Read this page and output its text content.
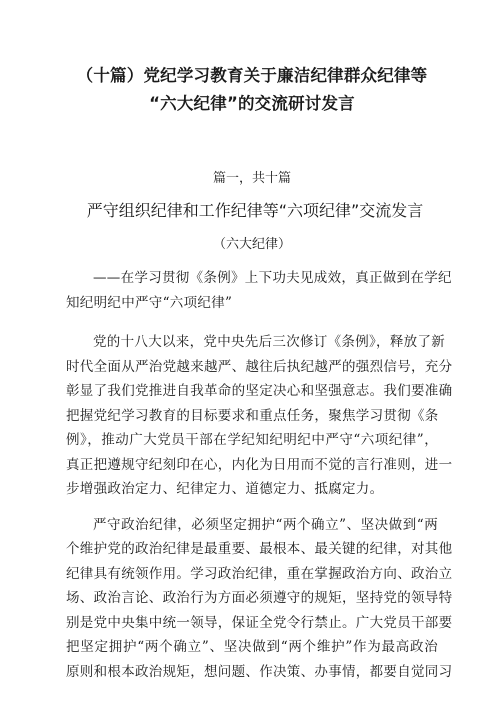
（十篇）党纪学习教育关于廉洁纪律群众纪律等
“六大纪律”的交流研讨发言
篇一，共十篇
严守组织纪律和工作纪律等“六项纪律”交流发言
（六大纪律）

——在学习贯彻《条例》上下功夫见成效，真正做到在学纪
知纪明纪中严守“六项纪律”

党的十八大以来，党中央先后三次修订《条例》，释放了新
时代全面从严治党越来越严、越往后执纪越严的强烈信号，充分
彰显了我们党推进自我革命的坚定决心和坚强意志。我们要准确
把握党纪学习教育的目标要求和重点任务，聚焦学习贯彻《条
例》，推动广大党员干部在学纪知纪明纪中严守“六项纪律”，
真正把遵规守纪刻印在心，内化为日用而不觉的言行准则，进一
步增强政治定力、纪律定力、道德定力、抵腐定力。

严守政治纪律，必须坚定拥护“两个确立”、坚决做到“两
个维护党的政治纪律是最重要、最根本、最关键的纪律，对其他
纪律具有统领作用。学习政治纪律，重在掌握政治方向、政治立
场、政治言论、政治行为方面必须遵守的规矩，坚持党的领导特
别是党中央集中统一领导，保证全党令行禁止。广大党员干部要
把坚定拥护“两个确立”、坚决做到“两个维护”作为最高政治
原则和根本政治规矩，想问题、作决策、办事情，都要自觉同习
